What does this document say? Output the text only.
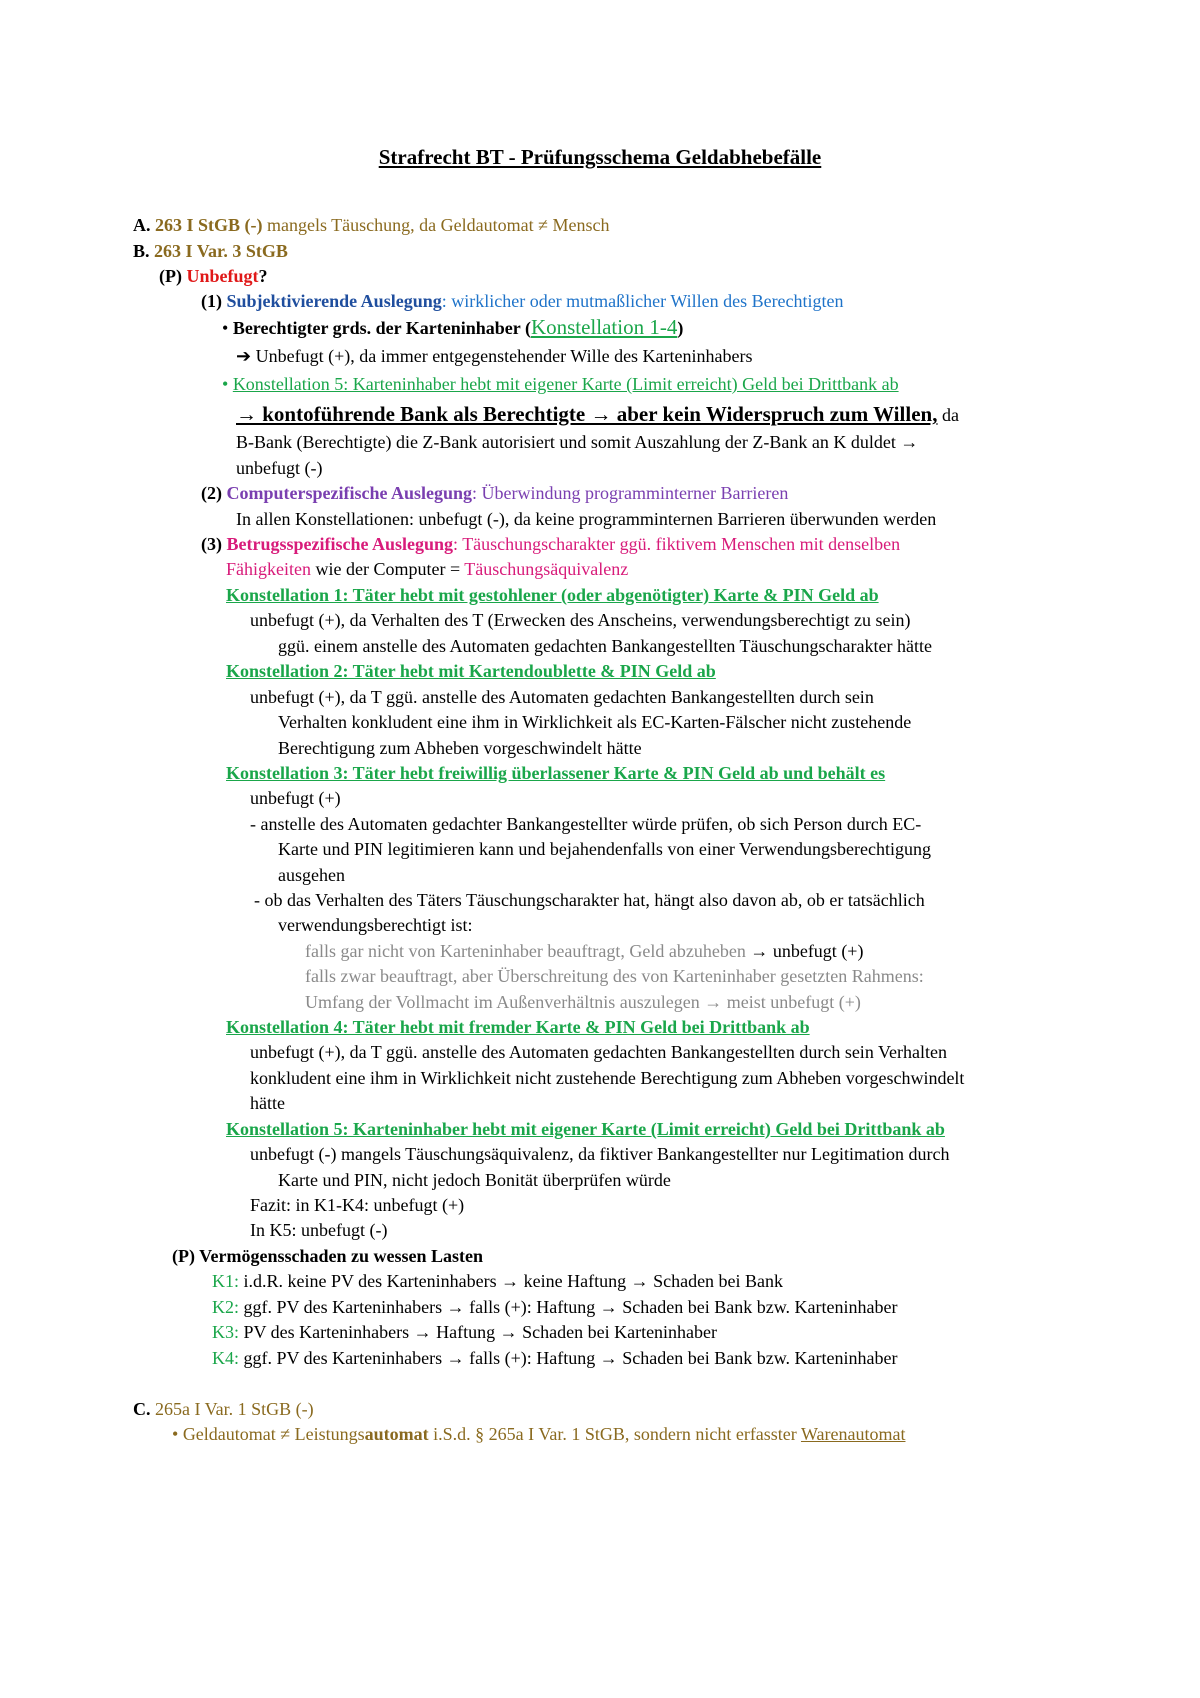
Strafrecht BT - Prüfungsschema Geldabhebefälle
A. 263 I StGB (-) mangels Täuschung, da Geldautomat ≠ Mensch
B. 263 I Var. 3 StGB
(P) Unbefugt?
(1) Subjektivierende Auslegung: wirklicher oder mutmaßlicher Willen des Berechtigten
• Berechtigter grds. der Karteninhaber (Konstellation 1-4)
➔ Unbefugt (+), da immer entgegenstehender Wille des Karteninhabers
• Konstellation 5: Karteninhaber hebt mit eigener Karte (Limit erreicht) Geld bei Drittbank ab
→ kontoführende Bank als Berechtigte → aber kein Widerspruch zum Willen, da
B-Bank (Berechtigte) die Z-Bank autorisiert und somit Auszahlung der Z-Bank an K duldet →
unbefugt (-)
(2) Computerspezifische Auslegung: Überwindung programminterner Barrieren
In allen Konstellationen: unbefugt (-), da keine programminternen Barrieren überwunden werden
(3) Betrugsspezifische Auslegung: Täuschungscharakter ggü. fiktivem Menschen mit denselben
Fähigkeiten wie der Computer = Täuschungsäquivalenz
Konstellation 1: Täter hebt mit gestohlener (oder abgenötigter) Karte & PIN Geld ab
unbefugt (+), da Verhalten des T (Erwecken des Anscheins, verwendungsberechtigt zu sein)
ggü. einem anstelle des Automaten gedachten Bankangestellten Täuschungscharakter hätte
Konstellation 2: Täter hebt mit Kartendoublette & PIN Geld ab
unbefugt (+), da T ggü. anstelle des Automaten gedachten Bankangestellten durch sein
Verhalten konkludent eine ihm in Wirklichkeit als EC-Karten-Fälscher nicht zustehende
Berechtigung zum Abheben vorgeschwindelt hätte
Konstellation 3: Täter hebt freiwillig überlassener Karte & PIN Geld ab und behält es
unbefugt (+)
- anstelle des Automaten gedachter Bankangestellter würde prüfen, ob sich Person durch EC-
Karte und PIN legitimieren kann und bejahendenfalls von einer Verwendungsberechtigung
ausgehen
- ob das Verhalten des Täters Täuschungscharakter hat, hängt also davon ab, ob er tatsächlich
verwendungsberechtigt ist:
falls gar nicht von Karteninhaber beauftragt, Geld abzuheben → unbefugt (+)
falls zwar beauftragt, aber Überschreitung des von Karteninhaber gesetzten Rahmens:
Umfang der Vollmacht im Außenverhältnis auszulegen → meist unbefugt (+)
Konstellation 4: Täter hebt mit fremder Karte & PIN Geld bei Drittbank ab
unbefugt (+), da T ggü. anstelle des Automaten gedachten Bankangestellten durch sein Verhalten
konkludent eine ihm in Wirklichkeit nicht zustehende Berechtigung zum Abheben vorgeschwindelt
hätte
Konstellation 5: Karteninhaber hebt mit eigener Karte (Limit erreicht) Geld bei Drittbank ab
unbefugt (-) mangels Täuschungsäquivalenz, da fiktiver Bankangestellter nur Legitimation durch
Karte und PIN, nicht jedoch Bonität überprüfen würde
Fazit: in K1-K4: unbefugt (+)
In K5: unbefugt (-)
(P) Vermögensschaden zu wessen Lasten
K1: i.d.R. keine PV des Karteninhabers → keine Haftung → Schaden bei Bank
K2: ggf. PV des Karteninhabers → falls (+): Haftung → Schaden bei Bank bzw. Karteninhaber
K3: PV des Karteninhabers → Haftung → Schaden bei Karteninhaber
K4: ggf. PV des Karteninhabers → falls (+): Haftung → Schaden bei Bank bzw. Karteninhaber
C. 265a I Var. 1 StGB (-)
• Geldautomat ≠ Leistungsautomat i.S.d. § 265a I Var. 1 StGB, sondern nicht erfasster Warenautomat
